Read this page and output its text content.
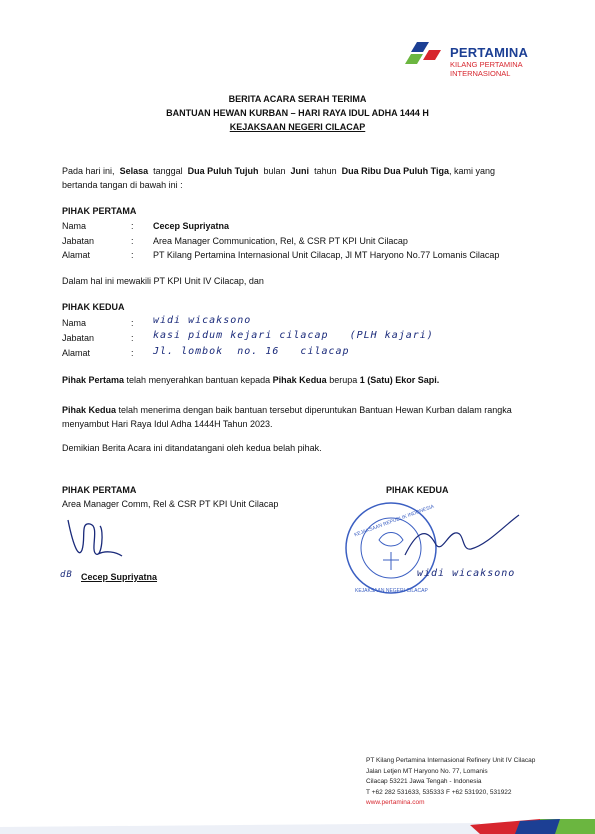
PERTAMINA
KILANG PERTAMINA
INTERNASIONAL
BERITA ACARA SERAH TERIMA
BANTUAN HEWAN KURBAN – HARI RAYA IDUL ADHA 1444 H
KEJAKSAAN NEGERI CILACAP
Pada hari ini, Selasa tanggal Dua Puluh Tujuh bulan Juni tahun Dua Ribu Dua Puluh Tiga, kami yang
bertanda tangan di bawah ini :
PIHAK PERTAMA
Nama	: Cecep Supriyatna
Jabatan	: Area Manager Communication, Rel, & CSR PT KPI Unit Cilacap
Alamat	: PT Kilang Pertamina Internasional Unit Cilacap, Jl MT Haryono No.77 Lomanis Cilacap
Dalam hal ini mewakili PT KPI Unit IV Cilacap, dan
PIHAK KEDUA
Nama	: widi wicaksono
Jabatan	: kasi pidum kejari cilacap   (PLH kajari)
Alamat	: Jl. lombok  no. 16   cilacap
Pihak Pertama telah menyerahkan bantuan kepada Pihak Kedua berupa 1 (Satu) Ekor Sapi.
Pihak Kedua telah menerima dengan baik bantuan tersebut diperuntukan Bantuan Hewan Kurban dalam rangka
menyambut Hari Raya Idul Adha 1444H Tahun 2023.
Demikian Berita Acara ini ditandatangani oleh kedua belah pihak.
PIHAK PERTAMA
Area Manager Comm, Rel & CSR PT KPI Unit Cilacap
dB Cecep Supriyatna
PIHAK KEDUA
KEJAKSAAN REPUBLIK INDONESIA
KEJAKSAAN NEGERI CILACAP
widi wicaksono
PT Kilang Pertamina Internasional Refinery Unit IV Cilacap
Jalan Letjen MT Haryono No. 77, Lomanis
Cilacap 53221 Jawa Tengah - Indonesia
T +62 282 531633, 535333 F +62 531920, 531922
www.pertamina.com
